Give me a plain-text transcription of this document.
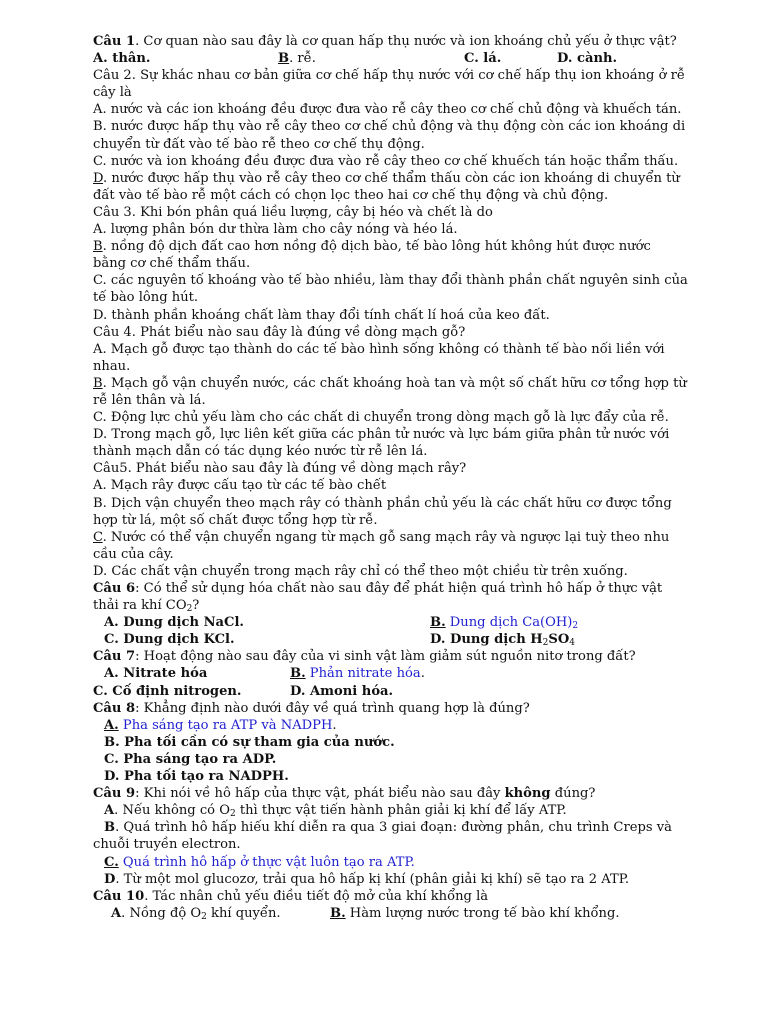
Câu 1. Cơ quan nào sau đây là cơ quan hấp thụ nước và ion khoáng chủ yếu ở thực vật?
A. thân.	B. rễ.	C. lá.	D. cành.
Câu 2. Sự khác nhau cơ bản giữa cơ chế hấp thụ nước với cơ chế hấp thụ ion khoáng ở rễ
cây là
A. nước và các ion khoáng đều được đưa vào rễ cây theo cơ chế chủ động và khuếch tán.
B. nước được hấp thụ vào rễ cây theo cơ chế chủ động và thụ động còn các ion khoáng di
chuyển từ đất vào tế bào rễ theo cơ chế thụ động.
C. nước và ion khoáng đều được đưa vào rễ cây theo cơ chế khuếch tán hoặc thẩm thấu.
D. nước được hấp thụ vào rễ cây theo cơ chế thẩm thấu còn các ion khoáng di chuyển từ
đất vào tế bào rễ một cách có chọn lọc theo hai cơ chế thụ động và chủ động.
Câu 3. Khi bón phân quá liều lượng, cây bị héo và chết là do
A. lượng phân bón dư thừa làm cho cây nóng và héo lá.
B. nồng độ dịch đất cao hơn nồng độ dịch bào, tế bào lông hút không hút được nước
bằng cơ chế thẩm thấu.
C. các nguyên tố khoáng vào tế bào nhiều, làm thay đổi thành phần chất nguyên sinh của
tế bào lông hút.
D. thành phần khoáng chất làm thay đổi tính chất lí hoá của keo đất.
Câu 4. Phát biểu nào sau đây là đúng về dòng mạch gỗ?
A. Mạch gỗ được tạo thành do các tế bào hình sống không có thành tế bào nối liền với
nhau.
B. Mạch gỗ vận chuyển nước, các chất khoáng hoà tan và một số chất hữu cơ tổng hợp từ
rễ lên thân và lá.
C. Động lực chủ yếu làm cho các chất di chuyển trong dòng mạch gỗ là lực đẩy của rễ.
D. Trong mạch gỗ, lực liên kết giữa các phân tử nước và lực bám giữa phân tử nước với
thành mạch dẫn có tác dụng kéo nước từ rễ lên lá.
Câu5. Phát biểu nào sau đây là đúng về dòng mạch rây?
A. Mạch rây được cấu tạo từ các tế bào chết
B. Dịch vận chuyển theo mạch rây có thành phần chủ yếu là các chất hữu cơ được tổng
hợp từ lá, một số chất được tổng hợp từ rễ.
C. Nước có thể vận chuyển ngang từ mạch gỗ sang mạch rây và ngược lại tuỳ theo nhu
cầu của cây.
D. Các chất vận chuyển trong mạch rây chỉ có thể theo một chiều từ trên xuống.
Câu 6: Có thể sử dụng hóa chất nào sau đây để phát hiện quá trình hô hấp ở thực vật
thải ra khí $CO_2$?
A. Dung dịch NaCl.	B. Dung dịch $Ca(OH)_2$
C. Dung dịch KCl.	D. Dung dịch $H_2SO_4$
Câu 7: Hoạt động nào sau đây của vi sinh vật làm giảm sút nguồn nitơ trong đất?
A. Nitrate hóa	B. Phản nitrate hóa.
C. Cố định nitrogen.	D. Amoni hóa.
Câu 8: Khẳng định nào dưới đây về quá trình quang hợp là đúng?
A. Pha sáng tạo ra ATP và NADPH.
B. Pha tối cần có sự tham gia của nước.
C. Pha sáng tạo ra ADP.
D. Pha tối tạo ra NADPH.
Câu 9: Khi nói về hô hấp của thực vật, phát biểu nào sau đây không đúng?
A. Nếu không có $O_2$ thì thực vật tiến hành phân giải kị khí để lấy ATP.
B. Quá trình hô hấp hiếu khí diễn ra qua 3 giai đoạn: đường phân, chu trình Creps và
chuỗi truyền electron.
C. Quá trình hô hấp ở thực vật luôn tạo ra ATP.
D. Từ một mol glucozơ, trải qua hô hấp kị khí (phân giải kị khí) sẽ tạo ra 2 ATP.
Câu 10. Tác nhân chủ yếu điều tiết độ mở của khí khổng là
A. Nồng độ $O_2$ khí quyển.	B. Hàm lượng nước trong tế bào khí khổng.
